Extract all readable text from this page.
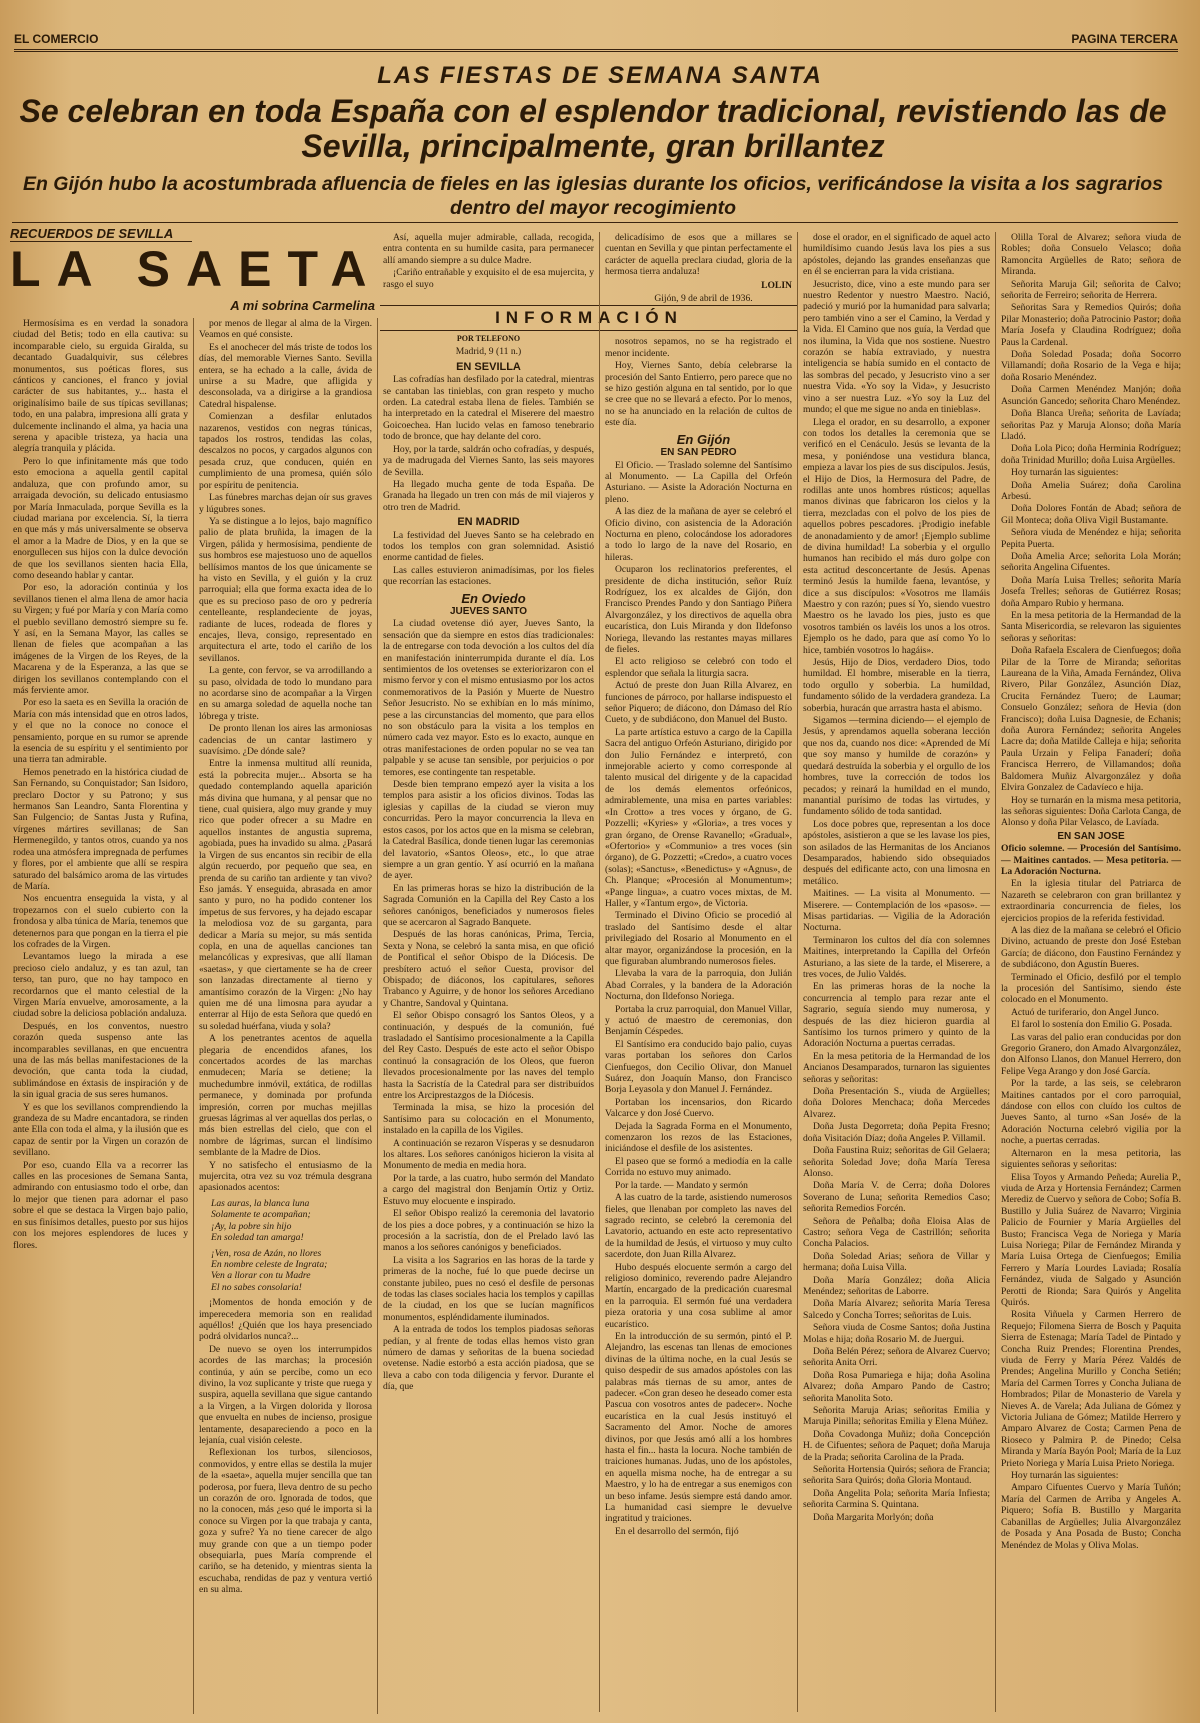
EL COMERCIO	PAGINA TERCERA
LAS FIESTAS DE SEMANA SANTA
Se celebran en toda España con el esplendor tradicional, revistiendo las de Sevilla, principalmente, gran brillantez
En Gijón hubo la acostumbrada afluencia de fieles en las iglesias durante los oficios, verificándose la visita a los sagrarios dentro del mayor recogimiento
RECUERDOS DE SEVILLA
LA SAETA
A mi sobrina Carmelina
INFORMACIÓN

Hermosísima es en verdad la sonadora ciudad del Betis; todo en ella cautiva: su incomparable cielo, su erguida Giralda, su decantado Guadalquivir, sus célebres monumentos, sus poéticas flores, sus cánticos y canciones, el franco y jovial carácter de sus habitantes, y... hasta el originalísimo baile de sus típicas sevillanas; todo, en una palabra, impresiona allí grata y dulcemente inclinando el alma, ya hacia una serena y apacible tristeza, ya hacia una alegría tranquila y plácida.

Pero lo que infinitamente más que todo esto emociona a aquella gentil capital andaluza, que con profundo amor, su arraigada devoción, su delicado entusiasmo por María Inmaculada, porque Sevilla es la ciudad mariana por excelencia. Sí, la tierra en que más y más universalmente se observa el amor a la Madre de Dios, y en la que se enorgullecen sus hijos con la dulce devoción de que los sevillanos sienten hacia Ella, como deseando hablar y cantar.

Por eso, la adoración continúa y los sevillanos tienen el alma llena de amor hacia su Virgen; y fué por María y con María como el pueblo sevillano demostró siempre su fe. Y así, en la Semana Mayor, las calles se llenan de fieles que acompañan a las imágenes de la Virgen de los Reyes, de la Macarena y de la Esperanza, a las que se dirigen los sevillanos contemplando con el más ferviente amor.

Por eso la saeta es en Sevilla la oración de María con más intensidad que en otros lados, y el que no la conoce no conoce el pensamiento, porque en su rumor se aprende la esencia de su espíritu y el sentimiento por una tierra tan admirable.

Hemos penetrado en la histórica ciudad de San Fernando, su Conquistador; San Isidoro, preclaro Doctor y su Patrono; y sus hermanos San Leandro, Santa Florentina y San Fulgencio; de Santas Justa y Rufina, vírgenes mártires sevillanas; de San Hermenegildo, y tantos otros, cuando ya nos rodea una atmósfera impregnada de perfumes y flores, por el ambiente que allí se respira saturado del balsámico aroma de las virtudes de María.

Nos encuentra enseguida la vista, y al tropezarnos con el suelo cubierto con la frondosa y alba túnica de María, tenemos que detenernos para que pongan en la tierra el pie los cofrades de la Virgen.

Levantamos luego la mirada a ese precioso cielo andaluz, y es tan azul, tan terso, tan puro, que no hay tampoco en recordarnos que el manto celestial de la Virgen María envuelve, amorosamente, a la ciudad sobre la deliciosa población andaluza.

Después, en los conventos, nuestro corazón queda suspenso ante las incomparables sevillanas, en que encuentra una de las más bellas manifestaciones de la devoción, que canta toda la ciudad, sublimándose en éxtasis de inspiración y de la sin igual gracia de sus seres humanos.

Y es que los sevillanos comprendiendo la grandeza de su Madre encantadora, se rinden ante Ella con toda el alma, y la ilusión que es capaz de sentir por la Virgen un corazón de sevillano.

Por eso, cuando Ella va a recorrer las calles en las procesiones de Semana Santa, admirando con entusiasmo todo el orbe, dan lo mejor que tienen para adornar el paso sobre el que se destaca la Virgen bajo palio, en sus finísimos detalles, puesto por sus hijos con los mejores esplendores de luces y flores.

por menos de llegar al alma de la Virgen. Veamos en qué consiste.

Es el anochecer del más triste de todos los días, del memorable Viernes Santo. Sevilla entera, se ha echado a la calle, ávida de unirse a su Madre, que afligida y desconsolada, va a dirigirse a la grandiosa Catedral hispalense.

Comienzan a desfilar enlutados nazarenos, vestidos con negras túnicas, tapados los rostros, tendidas las colas, descalzos no pocos, y cargados algunos con pesada cruz, que conducen, quién en cumplimiento de una promesa, quién sólo por espíritu de penitencia.

Las fúnebres marchas dejan oír sus graves y lúgubres sones.

Ya se distingue a lo lejos, bajo magnífico palio de plata bruñida, la imagen de la Virgen, pálida y hermosísima, pendiente de sus hombros ese majestuoso uno de aquellos bellísimos mantos de los que únicamente se ha visto en Sevilla, y el guión y la cruz parroquial; ella que forma exacta idea de lo que es su precioso paso de oro y pedrería centelleante, resplandeciente de joyas, radiante de luces, rodeada de flores y encajes, lleva, consigo, representado en arquitectura el arte, todo el cariño de los sevillanos.

La gente, con fervor, se va arrodillando a su paso, olvidada de todo lo mundano para no acordarse sino de acompañar a la Virgen en su amarga soledad de aquella noche tan lóbrega y triste.

De pronto llenan los aires las armoniosas cadencias de un cantar lastimero y suavísimo. ¿De dónde sale?

Entre la inmensa multitud allí reunida, está la pobrecita mujer... Absorta se ha quedado contemplando aquella aparición más divina que humana, y al pensar que no tiene, cual quisiera, algo muy grande y muy rico que poder ofrecer a su Madre en aquellos instantes de angustia suprema, agobiada, pues ha invadido su alma. ¿Pasará la Virgen de sus encantos sin recibir de ella algún recuerdo, por pequeño que sea, en prenda de su cariño tan ardiente y tan vivo? Eso jamás. Y enseguida, abrasada en amor santo y puro, no ha podido contener los ímpetus de sus fervores, y ha dejado escapar la melodiosa voz de su garganta, para dedicar a María su mejor, su más sentida copla, en una de aquellas canciones tan melancólicas y expresivas, que allí llaman «saetas», y que ciertamente se ha de creer son lanzadas directamente al tierno y amantísimo corazón de la Virgen: ¿No hay quien me dé una limosna para ayudar a enterrar al Hijo de esta Señora que quedó en su soledad huérfana, viuda y sola?

A los penetrantes acentos de aquella plegaria de encendidos afanes, los concertados acordes de las marchas enmudecen; María se detiene; la muchedumbre inmóvil, extática, de rodillas permanece, y dominada por profunda impresión, corren por muchas mejillas gruesas lágrimas al ver aquellas dos perlas, o más bien estrellas del cielo, que con el nombre de lágrimas, surcan el lindísimo semblante de la Madre de Dios.

Y no satisfecho el entusiasmo de la mujercita, otra vez su voz trémula desgrana apasionados acentos:

Las auras, la blanca luna
Solamente te acompañan;
¡Ay, la pobre sin hijo
En soledad tan amarga!
¡Ven, rosa de Azán, no llores
En nombre celeste de Ingrata;
Ven a llorar con tu Madre
El no sabes consolaria!

¡Momentos de honda emoción y de imperecedera memoria son en realidad aquéllos! ¿Quién que los haya presenciado podrá olvidarlos nunca?...

De nuevo se oyen los interrumpidos acordes de las marchas; la procesión continúa, y aún se percibe, como un eco divino, la voz suplicante y triste que ruega y suspira, aquella sevillana que sigue cantando a la Virgen, a la Virgen dolorida y llorosa que envuelta en nubes de incienso, prosigue lentamente, desapareciendo a poco en la lejanía, cual visión celeste.

Reflexionan los turbos, silenciosos, conmovidos, y entre ellas se destila la mujer de la «saeta», aquella mujer sencilla que tan poderosa, por fuera, lleva dentro de su pecho un corazón de oro. Ignorada de todos, que no la conocen, más ¿eso qué le importa si la conoce su Virgen por la que trabaja y canta, goza y sufre? Ya no tiene carecer de algo muy grande con que a un tiempo poder obsequiarla, pues María comprende el cariño, se ha detenido, y mientras sienta la escuchaba, rendidas de paz y ventura vertió en su alma.

Así, aquella mujer admirable, callada, recogida, entra contenta en su humilde casita, para permanecer allí amando siempre a su dulce Madre.

¡Cariño entrañable y exquisito el de esa mujercita, y rasgo el suyo

POR TELEFONO

Madrid, 9 (11 n.)

EN SEVILLA

Las cofradías han desfilado por la catedral, mientras se cantaban las tinieblas, con gran respeto y mucho orden. La catedral estaba llena de fieles. También se ha interpretado en la catedral el Miserere del maestro Goicoechea. Han lucido velas en famoso tenebrario todo de bronce, que hay delante del coro.

Hoy, por la tarde, saldrán ocho cofradías, y después, ya de madrugada del Viernes Santo, las seis mayores de Sevilla.

Ha llegado mucha gente de toda España. De Granada ha llegado un tren con más de mil viajeros y otro tren de Madrid.

EN MADRID

La festividad del Jueves Santo se ha celebrado en todos los templos con gran solemnidad. Asistió enorme cantidad de fieles.

Las calles estuvieron animadísimas, por los fieles que recorrían las estaciones.

En Oviedo

JUEVES SANTO

La ciudad ovetense dió ayer, Jueves Santo, la sensación que da siempre en estos días tradicionales: la de entregarse con toda devoción a los cultos del día en manifestación ininterrumpida durante el día. Los sentimientos de los ovetenses se exteriorizaron con el mismo fervor y con el mismo entusiasmo por los actos conmemorativos de la Pasión y Muerte de Nuestro Señor Jesucristo. No se exhibían en lo más mínimo, pese a las circunstancias del momento, que para ellos no son obstáculo para la visita a los templos en número cada vez mayor. Esto es lo exacto, aunque en otras manifestaciones de orden popular no se vea tan palpable y se acuse tan sensible, por perjuicios o por temores, ese contingente tan respetable.

Desde bien temprano empezó ayer la visita a los templos para asistir a los oficios divinos. Todas las iglesias y capillas de la ciudad se vieron muy concurridas. Pero la mayor concurrencia la lleva en estos casos, por los actos que en la misma se celebran, la Catedral Basílica, donde tienen lugar las ceremonias del lavatorio, «Santos Oleos», etc., lo que atrae siempre a un gran gentío. Y así ocurrió en la mañana de ayer.

En las primeras horas se hizo la distribución de la Sagrada Comunión en la Capilla del Rey Casto a los señores canónigos, beneficiados y numerosos fieles que se acercaron al Sagrado Banquete.

Después de las horas canónicas, Prima, Tercia, Sexta y Nona, se celebró la santa misa, en que ofició de Pontifical el señor Obispo de la Diócesis. De presbítero actuó el señor Cuesta, provisor del Obispado; de diáconos, los capitulares, señores Trabanco y Aguirre, y de honor los señores Arcediano y Chantre, Sandoval y Quintana.

El señor Obispo consagró los Santos Oleos, y a continuación, y después de la comunión, fué trasladado el Santísimo procesionalmente a la Capilla del Rey Casto. Después de este acto el señor Obispo continuó la consagración de los Oleos, que fueron llevados procesionalmente por las naves del templo hasta la Sacristía de la Catedral para ser distribuídos entre los Arciprestazgos de la Diócesis.

Terminada la misa, se hizo la procesión del Santísimo para su colocación en el Monumento, instalado en la capilla de los Vigiles.

A continuación se rezaron Vísperas y se desnudaron los altares. Los señores canónigos hicieron la visita al Monumento de media en media hora.

Por la tarde, a las cuatro, hubo sermón del Mandato a cargo del magistral don Benjamín Ortiz y Ortiz. Estuvo muy elocuente e inspirado.

El señor Obispo realizó la ceremonia del lavatorio de los pies a doce pobres, y a continuación se hizo la procesión a la sacristía, don de el Prelado lavó las manos a los señores canónigos y beneficiados.

La visita a los Sagrarios en las horas de la tarde y primeras de la noche, fué lo que puede decirse un constante jubileo, pues no cesó el desfile de personas de todas las clases sociales hacia los templos y capillas de la ciudad, en los que se lucían magníficos monumentos, espléndidamente iluminados.

A la entrada de todos los templos piadosas señoras pedían, y al frente de todas ellas hemos visto gran número de damas y señoritas de la buena sociedad ovetense. Nadie estorbó a esta acción piadosa, que se lleva a cabo con toda diligencia y fervor. Durante el día, que

delicadísimo de esos que a millares se cuentan en Sevilla y que pintan perfectamente el carácter de aquella preclara ciudad, gloria de la hermosa tierra andaluza!

LOLIN

Gijón, 9 de abril de 1936.

nosotros sepamos, no se ha registrado el menor incidente.

Hoy, Viernes Santo, debía celebrarse la procesión del Santo Entierro, pero parece que no se hizo gestión alguna en tal sentido, por lo que se cree que no se llevará a efecto. Por lo menos, no se ha anunciado en la relación de cultos de este día.

En Gijón

EN SAN PEDRO

El Oficio. — Traslado solemne del Santísimo al Monumento. — La Capilla del Orfeón Asturiano. — Asiste la Adoración Nocturna en pleno.

A las diez de la mañana de ayer se celebró el Oficio divino, con asistencia de la Adoración Nocturna en pleno, colocándose los adoradores a todo lo largo de la nave del Rosario, en hileras.

Ocuparon los reclinatorios preferentes, el presidente de dicha institución, señor Ruíz Rodríguez, los ex alcaldes de Gijón, don Francisco Prendes Pando y don Santiago Piñera Alvargonzález, y los directivos de aquella obra eucarística, don Luis Miranda y don Ildefonso Noriega, llevando las restantes mayas millares de fieles.

El acto religioso se celebró con todo el esplendor que señala la liturgia sacra.

Actuó de preste don Juan Rilla Alvarez, en funciones de párroco, por hallarse indispuesto el señor Piquero; de diácono, don Dámaso del Río Cueto, y de subdiácono, don Manuel del Busto.

La parte artística estuvo a cargo de la Capilla Sacra del antiguo Orfeón Asturiano, dirigido por don Julio Fernández e interpretó, con inmejorable acierto y como corresponde al talento musical del dirigente y de la capacidad de los demás elementos orfeónicos, admirablemente, una misa en partes variables: «In Crotto» a tres voces y órgano, de G. Pozzelli; «Kyries» y «Gloria», a tres voces y gran órgano, de Orense Ravanello; «Gradual», «Ofertorio» y «Communio» a tres voces (sin órgano), de G. Pozzetti; «Credo», a cuatro voces (solas); «Sanctus», «Benedictus» y «Agnus», de Ch. Planque; «Procesión al Monumentum»; «Pange lingua», a cuatro voces mixtas, de M. Haller, y «Tantum ergo», de Victoria.

Terminado el Divino Oficio se procedió al traslado del Santísimo desde el altar privilegiado del Rosario al Monumento en el altar mayor, organizándose la procesión, en la que figuraban alumbrando numerosos fieles.

Llevaba la vara de la parroquia, don Julián Abad Corrales, y la bandera de la Adoración Nocturna, don Ildefonso Noriega.

Portaba la cruz parroquial, don Manuel Villar, y actuó de maestro de ceremonias, don Benjamín Céspedes.

El Santísimo era conducido bajo palio, cuyas varas portaban los señores don Carlos Cienfuegos, don Cecilio Olivar, don Manuel Suárez, don Joaquín Manso, don Francisco Borja Leyasola y don Manuel J. Fernández.

Portaban los incensarios, don Ricardo Valcarce y don José Cuervo.

Dejada la Sagrada Forma en el Monumento, comenzaron los rezos de las Estaciones, iniciándose el desfile de los asistentes.

El paseo que se formó a mediodía en la calle Corrida no estuvo muy animado.

Por la tarde. — Mandato y sermón

A las cuatro de la tarde, asistiendo numerosos fieles, que llenaban por completo las naves del sagrado recinto, se celebró la ceremonia del Lavatorio, actuando en este acto representativo de la humildad de Jesús, el virtuoso y muy culto sacerdote, don Juan Rilla Alvarez.

Hubo después elocuente sermón a cargo del religioso dominico, reverendo padre Alejandro Martín, encargado de la predicación cuaresmal en la parroquia. El sermón fué una verdadera pieza oratoria y una cosa sublime al amor eucarístico.

En la introducción de su sermón, pintó el P. Alejandro, las escenas tan llenas de emociones divinas de la última noche, en la cual Jesús se quiso despedir de sus amados apóstoles con las palabras más tiernas de su amor, antes de padecer. «Con gran deseo he deseado comer esta Pascua con vosotros antes de padecer». Noche eucarística en la cual Jesús instituyó el Sacramento del Amor. Noche de amores divinos, por que Jesús amó allí a los hombres hasta el fin... hasta la locura. Noche también de traiciones humanas. Judas, uno de los apóstoles, en aquella misma noche, ha de entregar a su Maestro, y lo ha de entregar a sus enemigos con un beso infame. Jesús siempre está dando amor. La humanidad casi siempre le devuelve ingratitud y traiciones.

En el desarrollo del sermón, fijó

dose el orador, en el significado de aquel acto humildísimo cuando Jesús lava los pies a sus apóstoles, dejando las grandes enseñanzas que en él se encierran para la vida cristiana.

Jesucristo, dice, vino a este mundo para ser nuestro Redentor y nuestro Maestro. Nació, padeció y murió por la humanidad para salvarla; pero también vino a ser el Camino, la Verdad y la Vida. El Camino que nos guía, la Verdad que nos ilumina, la Vida que nos sostiene. Nuestro corazón se había extraviado, y nuestra inteligencia se había sumido en el contacto de las sombras del pecado, y Jesucristo vino a ser nuestra Vida. «Yo soy la Vida», y Jesucristo vino a ser nuestra Luz. «Yo soy la Luz del mundo; el que me sigue no anda en tinieblas».

Llega el orador, en su desarrollo, a exponer con todos los detalles la ceremonia que se verificó en el Cenáculo. Jesús se levanta de la mesa, y poniéndose una vestidura blanca, empieza a lavar los pies de sus discípulos. Jesús, el Hijo de Dios, la Hermosura del Padre, de rodillas ante unos hombres rústicos; aquellas manos divinas que fabricaron los cielos y la tierra, mezcladas con el polvo de los pies de aquellos pobres pescadores. ¡Prodigio inefable de anonadamiento y de amor! ¡Ejemplo sublime de divina humildad! La soberbia y el orgullo humanos han recibido el más duro golpe con esta actitud desconcertante de Jesús. Apenas terminó Jesús la humilde faena, levantóse, y dice a sus discípulos: «Vosotros me llamáis Maestro y con razón; pues sí Yo, siendo vuestro Maestro os he lavado los pies, justo es que vosotros también os lavéis los unos a los otros. Ejemplo os he dado, para que así como Yo lo hice, también vosotros lo hagáis».

Jesús, Hijo de Dios, verdadero Dios, todo humildad. El hombre, miserable en la tierra, todo orgullo y soberbia. La humildad, fundamento sólido de la verdadera grandeza. La soberbia, huracán que arrastra hasta el abismo.

Sigamos —termina diciendo— el ejemplo de Jesús, y aprendamos aquella soberana lección que nos da, cuando nos dice: «Aprended de Mí que soy manso y humilde de corazón» y quedará destruída la soberbia y el orgullo de los hombres, tuve la corrección de todos los pecados; y reinará la humildad en el mundo, manantial purísimo de todas las virtudes, y fundamento sólido de toda santidad.

Los doce pobres que, representan a los doce apóstoles, asistieron a que se les lavase los pies, son asilados de las Hermanitas de los Ancianos Desamparados, habiendo sido obsequiados después del edificante acto, con una limosna en metálico.

Maitines. — La visita al Monumento. — Miserere. — Contemplación de los «pasos». — Misas partidarias. — Vigilia de la Adoración Nocturna.

Terminaron los cultos del día con solemnes Maitines, interpretando la Capilla del Orfeón Asturiano, a las siete de la tarde, el Miserere, a tres voces, de Julio Valdés.

En las primeras horas de la noche la concurrencia al templo para rezar ante el Sagrario, seguía siendo muy numerosa, y después de las diez hicieron guardia al Santísimo los turnos primero y quinto de la Adoración Nocturna a puertas cerradas.

En la mesa petitoria de la Hermandad de los Ancianos Desamparados, turnaron las siguientes señoras y señoritas:

Doña Presentación S., viuda de Argüelles; doña Dolores Menchaca; doña Mercedes Alvarez.

Doña Justa Degorreta; doña Pepita Fresno; doña Visitación Díaz; doña Angeles P. Villamil.

Doña Faustina Ruiz; señoritas de Gil Gelaera; señorita Soledad Jove; doña María Teresa Alonso.

Doña María V. de Cerra; doña Dolores Soverano de Luna; señorita Remedios Caso; señorita Remedios Forcén.

Señora de Peñalba; doña Eloisa Alas de Castro; señora Vega de Castrillón; señorita Concha Palacios.

Doña Soledad Arias; señora de Villar y hermana; doña Luisa Villa.

Doña María González; doña Alicia Menéndez; señoritas de Laborre.

Doña María Alvarez; señorita María Teresa Salcedo y Concha Torres; señoritas de Luis.

Señora viuda de Cosme Santos; doña Justina Molas e hija; doña Rosario M. de Juergui.

Doña Belén Pérez; señora de Alvarez Cuervo; señorita Anita Orri.

Doña Rosa Pumariega e hija; doña Asolina Alvarez; doña Amparo Pando de Castro; señorita Manolita Soto.

Señorita Maruja Arias; señoritas Emilia y Maruja Pinilla; señoritas Emilia y Elena Múñez.

Doña Covadonga Muñiz; doña Concepción H. de Cifuentes; señora de Paquet; doña Maruja de la Prada; señorita Carolina de la Prada.

Señorita Hortensia Quirós; señora de Francia; señorita Sara Quirós; doña Gloria Montaud.

Doña Angelita Pola; señorita María Infiesta; señorita Carmina S. Quintana.

Doña Margarita Morlyón; doña

Olilla Toral de Alvarez; señora viuda de Robles; doña Consuelo Velasco; doña Ramoncita Argüelles de Rato; señora de Miranda.

Señorita Maruja Gil; señorita de Calvo; señorita de Ferreiro; señorita de Herrera.

Señoritas Sara y Remedios Quirós; doña Pilar Monasterio; doña Patrocinio Pastor; doña María Josefa y Claudina Rodríguez; doña Paus la Cardenal.

Doña Soledad Posada; doña Socorro Villamandí; doña Rosario de la Vega e hija; doña Rosario Menéndez.

Doña Carmen Menéndez Manjón; doña Asunción Gancedo; señorita Charo Menéndez.

Doña Blanca Ureña; señorita de Lavíada; señoritas Paz y Maruja Alonso; doña María Lladó.

Doña Lola Pico; doña Herminia Rodríguez; doña Trinidad Murillo; doña Luisa Argüelles.

Hoy turnarán las siguientes:

Doña Amelia Suárez; doña Carolina Arbesú.

Doña Dolores Fontán de Abad; señora de Gil Monteca; doña Oliva Vigil Bustamante.

Señora viuda de Menéndez e hija; señorita Pepita Puerta.

Doña Amelia Arce; señorita Lola Morán; señorita Angelina Cifuentes.

Doña María Luisa Trelles; señorita María Josefa Trelles; señoras de Gutiérrez Rosas; doña Amparo Rubio y hermana.

En la mesa petitoria de la Hermandad de la Santa Misericordia, se relevaron las siguientes señoras y señoritas:

Doña Rafaela Escalera de Cienfuegos; doña Pilar de la Torre de Miranda; señoritas Laureana de la Viña, Amada Fernández, Oliva Rivero, Pilar González, Asunción Díaz, Crucita Fernández Tuero; de Laumar; Consuelo González; señora de Hevia (don Francisco); doña Luisa Dagnesie, de Echanis; doña Aurora Fernández; señorita Angeles Lacre da; doña Matilde Calleja e hija; señorita Paula Urzain y Felipa Fanaderí; doña Francisca Herrero, de Villamandos; doña Baldomera Muñiz Alvargonzález y doña Elvira Gonzalez de Cadavíeco e hija.

Hoy se turnarán en la misma mesa petitoria, las señoras siguientes: Doña Carlota Canga, de Alonso y doña Pilar Velasco, de Lavíada.

EN SAN JOSE

Oficio solemne. — Procesión del Santísimo. — Maitines cantados. — Mesa petitoria. — La Adoración Nocturna.

En la iglesia titular del Patriarca de Nazareth se celebraron con gran brillantez y extraordinaria concurrencia de fieles, los ejercicios propios de la referida festividad.

A las diez de la mañana se celebró el Oficio Divino, actuando de preste don José Esteban García; de diácono, don Faustino Fernández y de subdiácono, don Agustín Bueres.

Terminado el Oficio, desfiló por el templo la procesión del Santísimo, siendo éste colocado en el Monumento.

Actuó de turiferario, don Angel Junco.

El farol lo sostenía don Emilio G. Posada.

Las varas del palio eran conducidas por don Gregorio Granero, don Amado Alvargonzález, don Alfonso Llanos, don Manuel Herrero, don Felipe Vega Arango y don José García.

Por la tarde, a las seis, se celebraron Maitines cantados por el coro parroquial, dándose con ellos con cluído los cultos de Jueves Santo, al turno «San José» de la Adoración Nocturna celebró vigilia por la noche, a puertas cerradas.

Alternaron en la mesa petitoria, las siguientes señoras y señoritas:

Elisa Toyos y Armando Peñeda; Aurelia P., viuda de Arza y Hortensia Fernández; Carmen Merediz de Cuervo y señora de Cobo; Sofía B. Bustillo y Julia Suárez de Navarro; Virginia Palicio de Fournier y María Argüelles del Busto; Francisca Vega de Noriega y María Luisa Noriega; Pilar de Fernández Miranda y María Luisa Ortega de Cienfuegos; Emilia Ferrero y María Lourdes Laviada; Rosalía Fernández, viuda de Salgado y Asunción Perotti de Rionda; Sara Quirós y Angelita Quirós.

Rosita Viñuela y Carmen Herrero de Requejo; Filomena Sierra de Bosch y Paquita Sierra de Estenaga; María Tadel de Pintado y Concha Ruiz Prendes; Florentina Prendes, viuda de Ferry y María Pérez Valdés de Prendes; Angelina Murillo y Concha Setién; María del Carmen Torres y Concha Juliana de Hombrados; Pilar de Monasterio de Varela y Nieves A. de Varela; Ada Juliana de Gómez y Victoria Juliana de Gómez; Matilde Herrero y Amparo Alvarez de Costa; Carmen Pena de Rioseco y Palmira P. de Pinedo; Celsa Miranda y María Bayón Pool; María de la Luz Prieto Noriega y María Luisa Prieto Noriega.

Hoy turnarán las siguientes:

Amparo Cifuentes Cuervo y María Tuñón; María del Carmen de Arriba y Angeles A. Piquero; Sofía B. Bustillo y Margarita Cabanillas de Argüelles; Julia Alvargonzález de Posada y Ana Posada de Busto; Concha Menéndez de Molas y Oliva Molas.
